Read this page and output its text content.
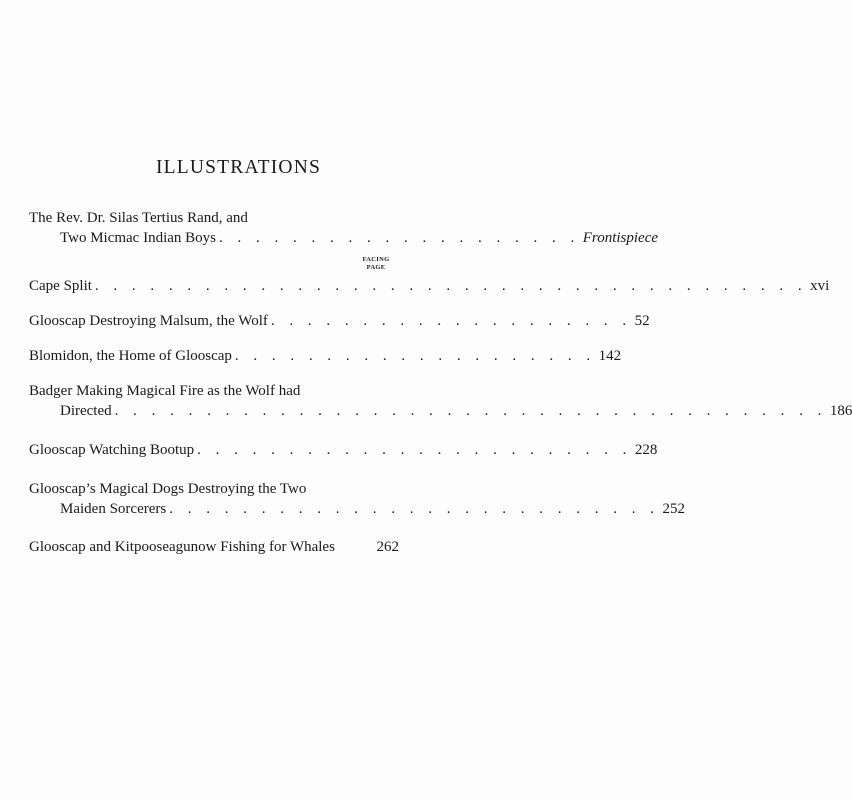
ILLUSTRATIONS
The Rev. Dr. Silas Tertius Rand, and
Two Micmac Indian Boys . . . . . . . . . . . . . . . . . . . . Frontispiece
FACING
PAGE
Cape Split . . . . . . . . . . . . . . . . . . . . . . . . . . . . . . . . . . . . . . . xvi
Glooscap Destroying Malsum, the Wolf . . . . . . . . . . . . . . . . . . . . 52
Blomidon, the Home of Glooscap . . . . . . . . . . . . . . . . . . . . 142
Badger Making Magical Fire as the Wolf had
Directed . . . . . . . . . . . . . . . . . . . . . . . . . . . . . . . . . . . . . . . 186
Glooscap Watching Bootup . . . . . . . . . . . . . . . . . . . . . . . . 228
Glooscap’s Magical Dogs Destroying the Two
Maiden Sorcerers . . . . . . . . . . . . . . . . . . . . . . . . . . . 252
Glooscap and Kitpooseagunow Fishing for Whales	262
